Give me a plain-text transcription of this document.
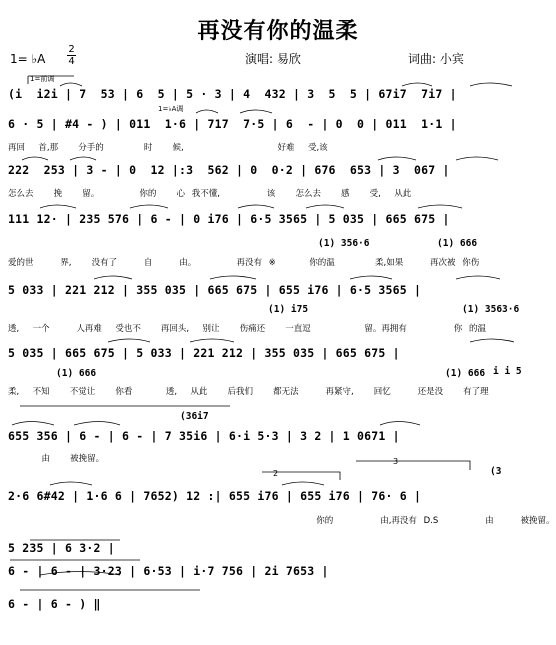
再没有你的温柔
1= ♭A
2
4	演唱: 易欣	词曲: 小宾
1=前调
1=♭A调
(i  i2i | 7  53 | 6  5 | 5 · 3 | 4  432 | 3  5  5 | 67i7  7i7 |
6 · 5 | #4 - ) | 011  1·6 | 717  7·5 | 6  - | 0  0 | 011  1·1 |
再回  首,那   分手的      时   候,              好难  受,该
222  253 | 3 - | 0  12 |:3  562 | 0  0·2 | 676  653 | 3  067 |
怎么去   挽   留。      你的   心 我不懂,       该   怎么去   感   受,  从此
111 12· | 235 576 | 6 - | 0 i76 | 6·5 3565 | 5 035 | 665 675 |
爱的世    界,   没有了    自    由。      再没有 ※     你的温      柔,如果    再次被 你伤
5 033 | 221 212 | 355 035 | 665 675 | 655 i76 | 6·5 3565 |
透,  一个    人再难  受也不   再回头,  别让   伤痛还   一直逗        留。再拥有       你 的温
5 035 | 665 675 | 5 033 | 221 212 | 355 035 | 665 675 |
柔,  不知   不觉让   你看     透,  从此   后我们   都无法    再紧守,   回忆    还是没   有了理
655 356 | 6 - | 6 - | 7 35i6 | 6·i 5·3 | 3 2 | 1 0671 |
由   被挽留。
2·6 6#42 | 1·6 6 | 7652) 12 :| 655 i76 | 655 i76 | 76· 6 |
你的       由,再没有 D.S       由    被挽留。
5 235 | 6 3·2 |
6 - | 6 - | 3·23 | 6·53 | i·7 756 | 2i 7653 |
6 - | 6 - ) ‖
(1) 356·6	(1) 666
(1) i75	(1) 3563·6
(1) 666	(1) 666 i i 5
(36i7
(3
2
3
